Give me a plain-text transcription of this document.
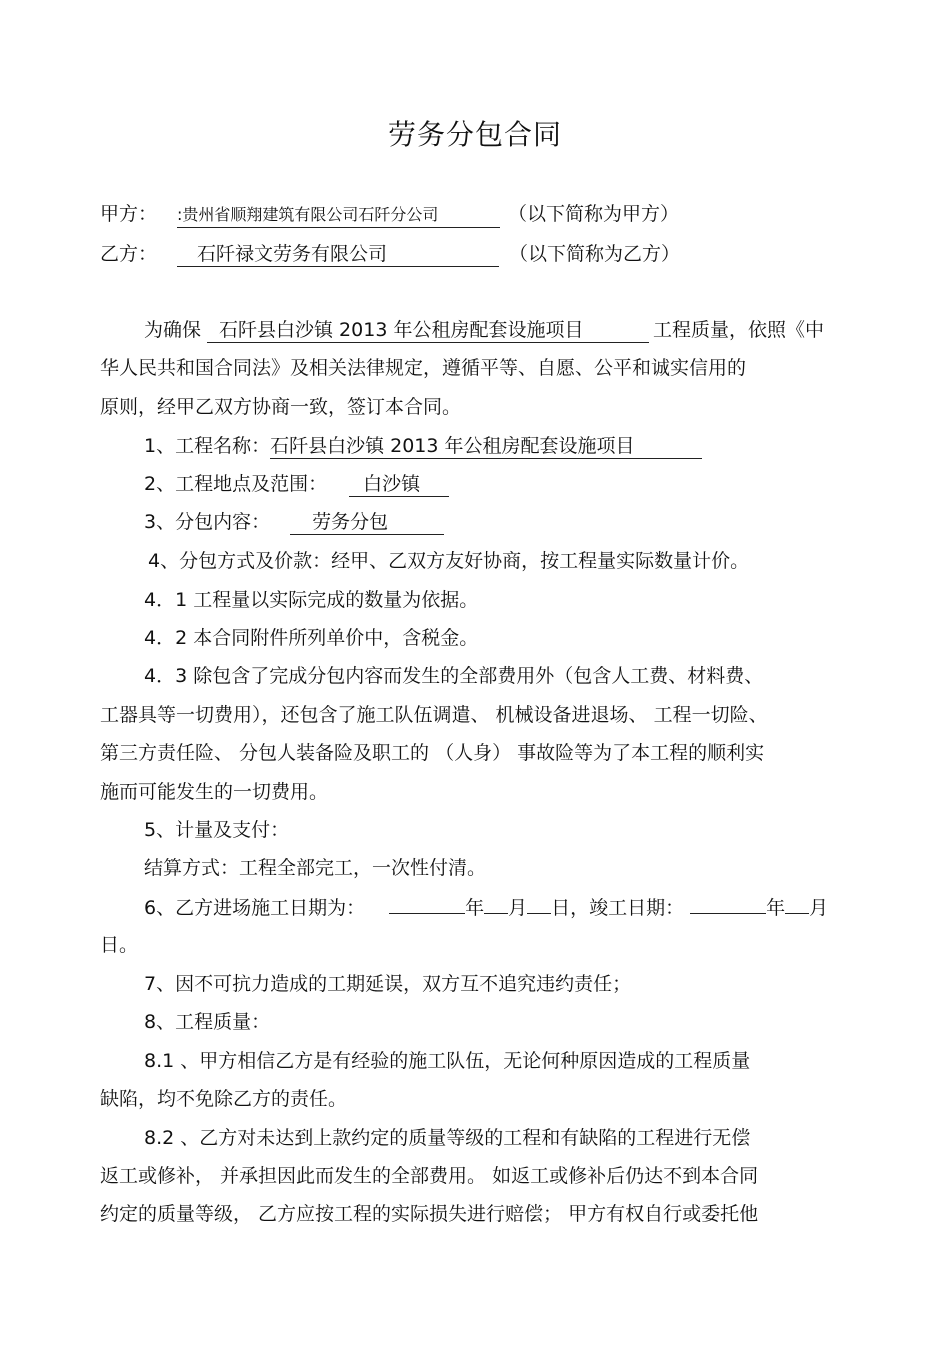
劳务分包合同
甲方： :贵州省顺翔建筑有限公司石阡分公司	（以下简称为甲方）
乙方： 石阡禄文劳务有限公司	（以下简称为乙方）
为确保 石阡县白沙镇 2013 年公租房配套设施项目	工程质量，依照《中
华人民共和国合同法》及相关法律规定，遵循平等、自愿、公平和诚实信用的
原则，经甲乙双方协商一致，签订本合同。
1、工程名称：石阡县白沙镇 2013 年公租房配套设施项目
2、工程地点及范围： 白沙镇
3、分包内容： 劳务分包
4、分包方式及价款：经甲、乙双方友好协商，按工程量实际数量计价。
4．1 工程量以实际完成的数量为依据。
4．2 本合同附件所列单价中，含税金。
4．3 除包含了完成分包内容而发生的全部费用外（包含人工费、材料费、
工器具等一切费用），还包含了施工队伍调遣、 机械设备进退场、 工程一切险、
第三方责任险、 分包人装备险及职工的 （人身） 事故险等为了本工程的顺利实
施而可能发生的一切费用。
5、计量及支付：
结算方式：工程全部完工，一次性付清。
6、乙方进场施工日期为：	年 月 日，竣工日期：	年 月
日。
7、因不可抗力造成的工期延误，双方互不追究违约责任；
8、工程质量：
8.1 、甲方相信乙方是有经验的施工队伍，无论何种原因造成的工程质量
缺陷，均不免除乙方的责任。
8.2 、乙方对未达到上款约定的质量等级的工程和有缺陷的工程进行无偿
返工或修补， 并承担因此而发生的全部费用。 如返工或修补后仍达不到本合同
约定的质量等级， 乙方应按工程的实际损失进行赔偿； 甲方有权自行或委托他
